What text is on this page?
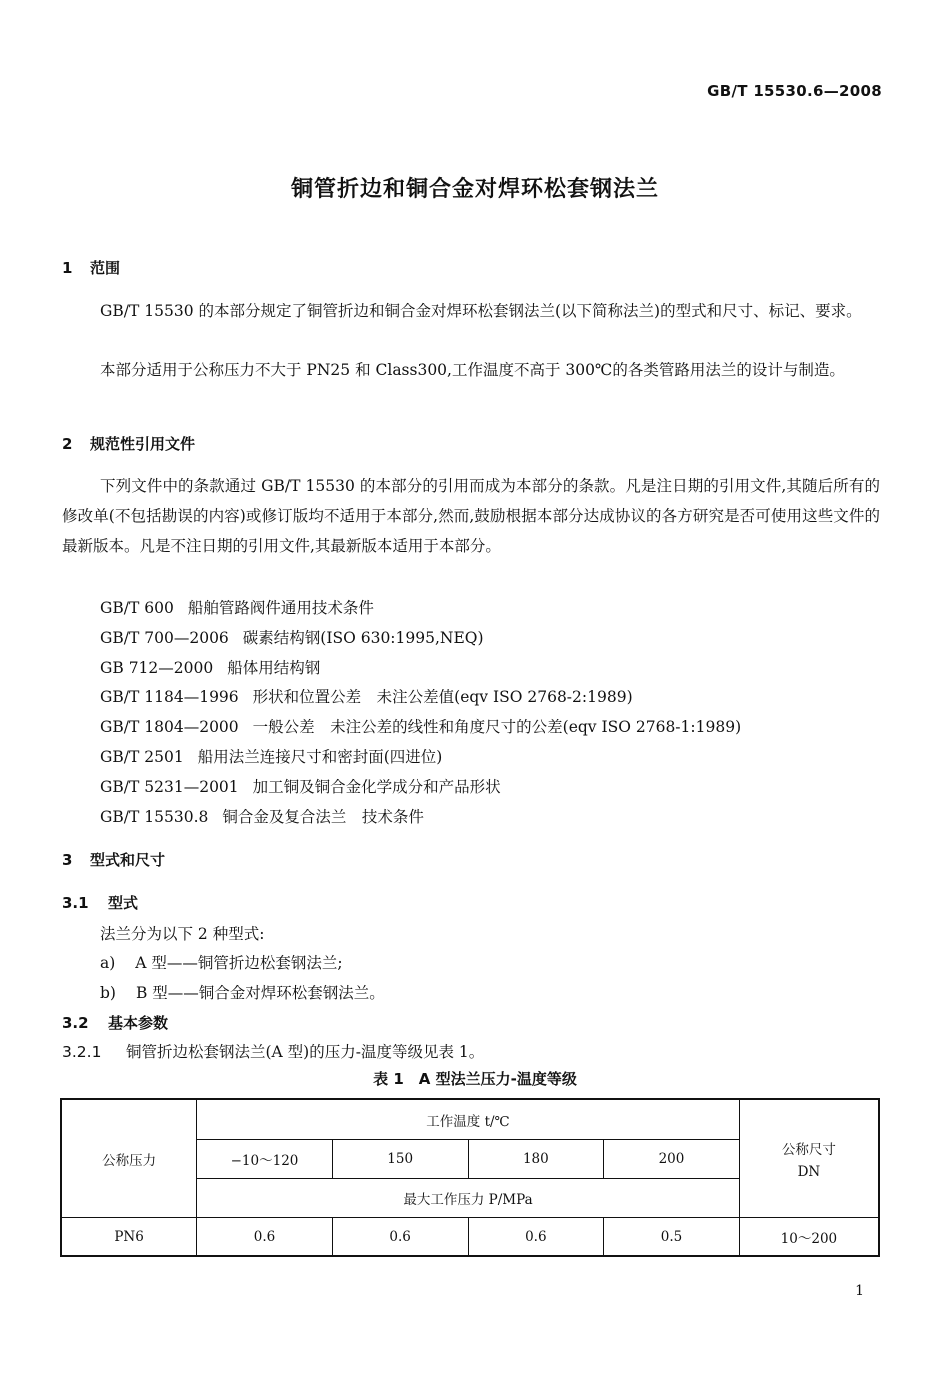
GB/T 15530.6—2008
铜管折边和铜合金对焊环松套钢法兰
1 范围

GB/T 15530 的本部分规定了铜管折边和铜合金对焊环松套钢法兰(以下简称法兰)的型式和尺寸、标记、要求。

本部分适用于公称压力不大于 PN25 和 Class300,工作温度不高于 300℃的各类管路用法兰的设计与制造。

2 规范性引用文件

下列文件中的条款通过 GB/T 15530 的本部分的引用而成为本部分的条款。凡是注日期的引用文件,其随后所有的修改单(不包括勘误的内容)或修订版均不适用于本部分,然而,鼓励根据本部分达成协议的各方研究是否可使用这些文件的最新版本。凡是不注日期的引用文件,其最新版本适用于本部分。

GB/T 600 船舶管路阀件通用技术条件
GB/T 700—2006 碳素结构钢(ISO 630:1995,NEQ)
GB 712—2000 船体用结构钢
GB/T 1184—1996 形状和位置公差　未注公差值(eqv ISO 2768-2:1989)
GB/T 1804—2000 一般公差　未注公差的线性和角度尺寸的公差(eqv ISO 2768-1:1989)
GB/T 2501 船用法兰连接尺寸和密封面(四进位)
GB/T 5231—2001 加工铜及铜合金化学成分和产品形状
GB/T 15530.8 铜合金及复合法兰　技术条件
3 型式和尺寸
3.1 型式
法兰分为以下 2 种型式:
a) A 型——铜管折边松套钢法兰;
b) B 型——铜合金对焊环松套钢法兰。
3.2 基本参数
3.2.1 铜管折边松套钢法兰(A 型)的压力-温度等级见表 1。
表 1　A 型法兰压力-温度等级
公称压力	工作温度 t/℃				公称尺寸
DN

	−10～120	150	180	200	
	最大工作压力 P/MPa				
PN6	0.6	0.6	0.6	0.5	10～200
1
